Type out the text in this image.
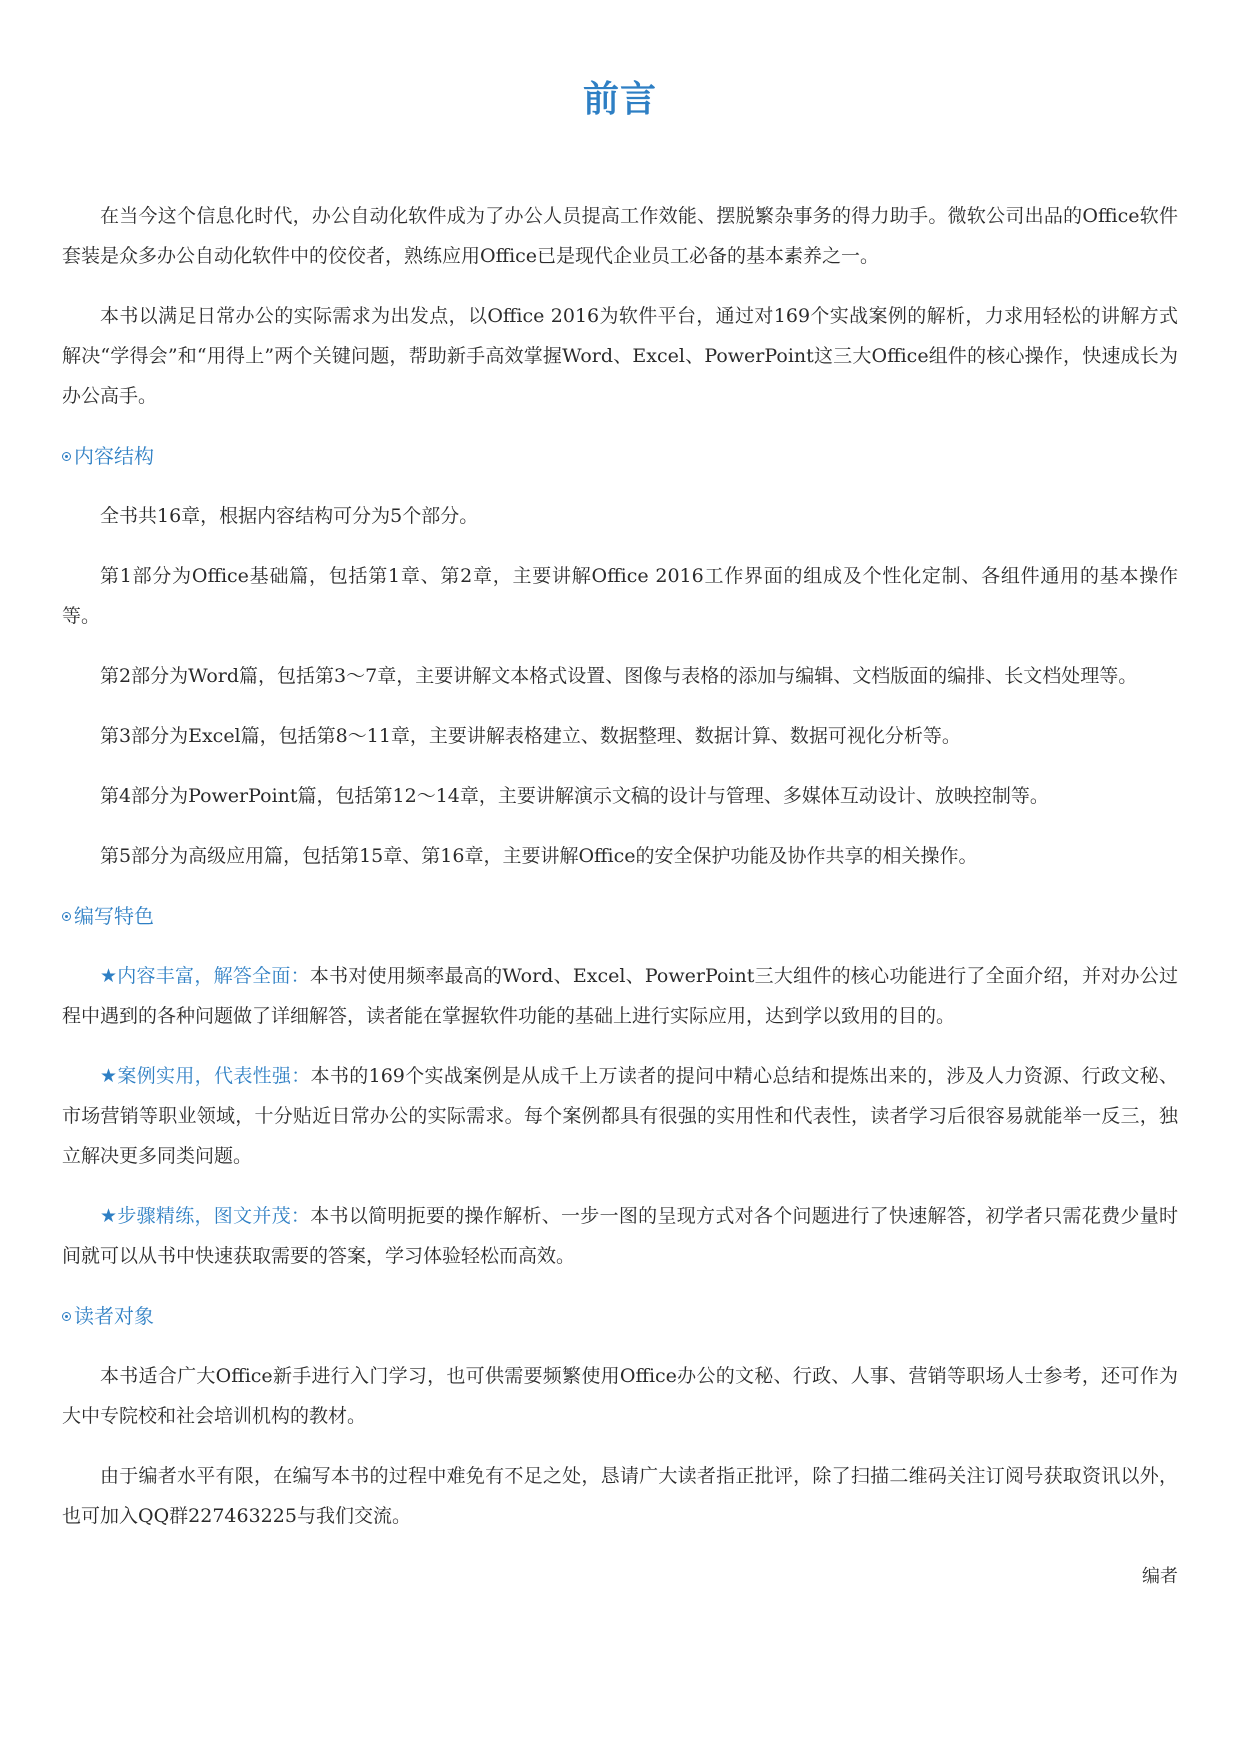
前言

在当今这个信息化时代，办公自动化软件成为了办公人员提高工作效能、摆脱繁杂事务的得力助手。微软公司出品的Office软件套装是众多办公自动化软件中的佼佼者，熟练应用Office已是现代企业员工必备的基本素养之一。

本书以满足日常办公的实际需求为出发点，以Office 2016为软件平台，通过对169个实战案例的解析，力求用轻松的讲解方式解决“学得会”和“用得上”两个关键问题，帮助新手高效掌握Word、Excel、PowerPoint这三大Office组件的核心操作，快速成长为办公高手。

内容结构

全书共16章，根据内容结构可分为5个部分。

第1部分为Office基础篇，包括第1章、第2章，主要讲解Office 2016工作界面的组成及个性化定制、各组件通用的基本操作等。

第2部分为Word篇，包括第3～7章，主要讲解文本格式设置、图像与表格的添加与编辑、文档版面的编排、长文档处理等。

第3部分为Excel篇，包括第8～11章，主要讲解表格建立、数据整理、数据计算、数据可视化分析等。

第4部分为PowerPoint篇，包括第12～14章，主要讲解演示文稿的设计与管理、多媒体互动设计、放映控制等。

第5部分为高级应用篇，包括第15章、第16章，主要讲解Office的安全保护功能及协作共享的相关操作。

编写特色

★内容丰富，解答全面：本书对使用频率最高的Word、Excel、PowerPoint三大组件的核心功能进行了全面介绍，并对办公过程中遇到的各种问题做了详细解答，读者能在掌握软件功能的基础上进行实际应用，达到学以致用的目的。

★案例实用，代表性强：本书的169个实战案例是从成千上万读者的提问中精心总结和提炼出来的，涉及人力资源、行政文秘、市场营销等职业领域，十分贴近日常办公的实际需求。每个案例都具有很强的实用性和代表性，读者学习后很容易就能举一反三，独立解决更多同类问题。

★步骤精练，图文并茂：本书以简明扼要的操作解析、一步一图的呈现方式对各个问题进行了快速解答，初学者只需花费少量时间就可以从书中快速获取需要的答案，学习体验轻松而高效。

读者对象

本书适合广大Office新手进行入门学习，也可供需要频繁使用Office办公的文秘、行政、人事、营销等职场人士参考，还可作为大中专院校和社会培训机构的教材。

由于编者水平有限，在编写本书的过程中难免有不足之处，恳请广大读者指正批评，除了扫描二维码关注订阅号获取资讯以外，也可加入QQ群227463225与我们交流。

编者
